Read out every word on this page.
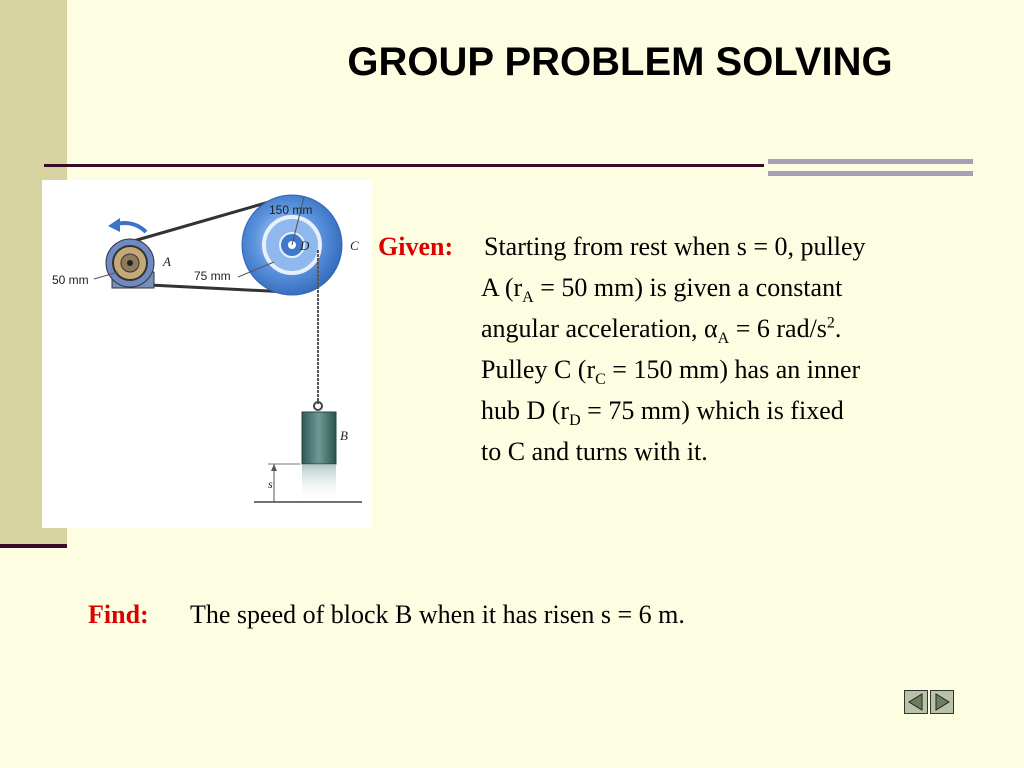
GROUP PROBLEM SOLVING
150 mm
D	C
75 mm
A
50 mm
B
s
Given: Starting from rest when s = 0, pulley
A ($r_A = 50$ mm) is given a constant
angular acceleration, $\alpha_A = 6$ rad/$s^2$.
Pulley C ($r_C = 150$ mm) has an inner
hub D ($r_D = 75$ mm) which is fixed
to C and turns with it.
Find: The speed of block B when it has risen s = 6 m.
